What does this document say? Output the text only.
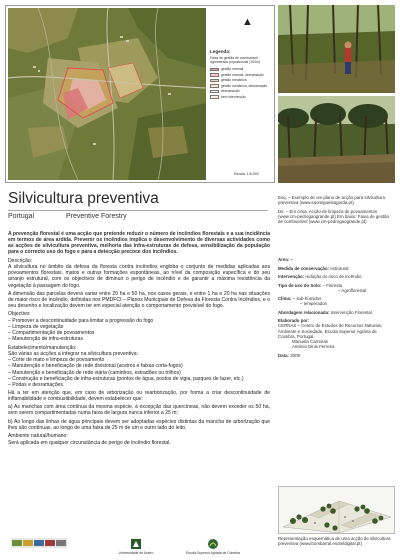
▲
Legenda:
Faixa de gestão de combustível
Aglomerado populacional (100m)
gestão manual
gestão manual, desramação
gestão mecânica
gestão mecânica, desramação
desramação
sem intervenção
Escala: 1:6.000
Silvicultura preventiva
Portugal	Preventive Forestry

A prevenção florestal é uma acção que pretende reduzir o número de incêndios florestais e a sua incidência em termos de área ardida. Prevenir os incêndios implica o desenvolvimento de diversas actividades como as acções de silvicultura preventiva, melhoria das infra-estruturas de defesa, sensibilização da população para o correcto uso do fogo e para a detecção precoce dos incêndios.

Descrição:

A silvicultura no âmbito da defesa da floresta contra incêndios engloba o conjunto de medidas aplicadas aos povoamentos florestais, matos e outras formações espontâneas, ao nível da composição específica e do seu arranjo estrutural, com os objectivos de diminuir o perigo de incêndio e de garantir a máxima resistência da vegetação à passagem do fogo.

A dimensão das parcelas deverá variar entre 20 ha e 50 ha, nos casos gerais, e entre 1 ha e 20 ha nas situações de maior risco de incêndio, definidas nos PMDFCI – Planos Municipais de Defesa da Floresta Contra Incêndios, e o seu desenho e localização devem ter em especial atenção o comportamento previsível do fogo.

Objectivo:

– Promover a descontinuidade para limitar a progressão do fogo
– Limpeza de vegetação
– Compartimentação de povoamentos
– Manutenção de infra-estruturas

Estabelecimento/manutenção:

São várias as acções a integrar na silvicultura preventiva:
– Corte de mato e limpeza de povoamento
– Manutenção e beneficiação de rede divisional (aceiros e faixas corta-fogos)
– Manutenção e beneficiação de rede viária (caminhos, estradões ou trilhos)
– Construção e beneficiação de infra-estruturas (pontos de água, postos de vigia, parques de lazer, etc.)
– Podas e desramações.

Há a ter em atenção que, em caso de arborização ou rearborização, por forma a criar descontinuidade de inflamabilidade e combustibilidade, devem estabelecer que:

a) As manchas com área contínua da mesma espécie, à excepção das quercíneas, não devem exceder os 50 ha, sem serem compartimentadas numa faixa de largura nunca inferior a 25 m;

b) Ao longo das linhas de água principais devem ser adoptadas espécies distintas da mancha de arborização que lhes são contínuas, ao longo de uma faixa de 25 m de um e outro lado do leito.

Ambiente natural/humano:

Será aplicada em qualquer circunstância de perigo de incêndio florestal.

Esq. – Exemplo de um plano de acção para silvicultura preventiva (www.saomiguelsagorda.pt)
Dir. – Em cima: Acção de limpeza de povoamentos (www.cm-pedrogaogrande.pt) Em baixo: Faixa de gestão de combustível (www.cm-pedrogaogrande.pt)
Área: –
Medida de conservação: estrutural
Intervenção: redução do risco de incêndio
Tipo de uso do Solo: – Floresta
– Agroflorestal
Clima: – sub-húmidos
– temperados
Abordagem relacionada: Intervenção Florestal
Elaborado por:
CERNAS – Centro de Estudos de Recursos Naturais, Ambiente e Sociedade, Escola Superior Agrária de Coimbra, Portugal
Manuela Carreiras
António Dinis Ferreira
Data: 2009
Representação esquemática de uma acção de silvicultura preventiva (www.bombarral.esoteldigital.pt)
Universidade de Aveiro	Escola Superior Agrária de Coimbra
